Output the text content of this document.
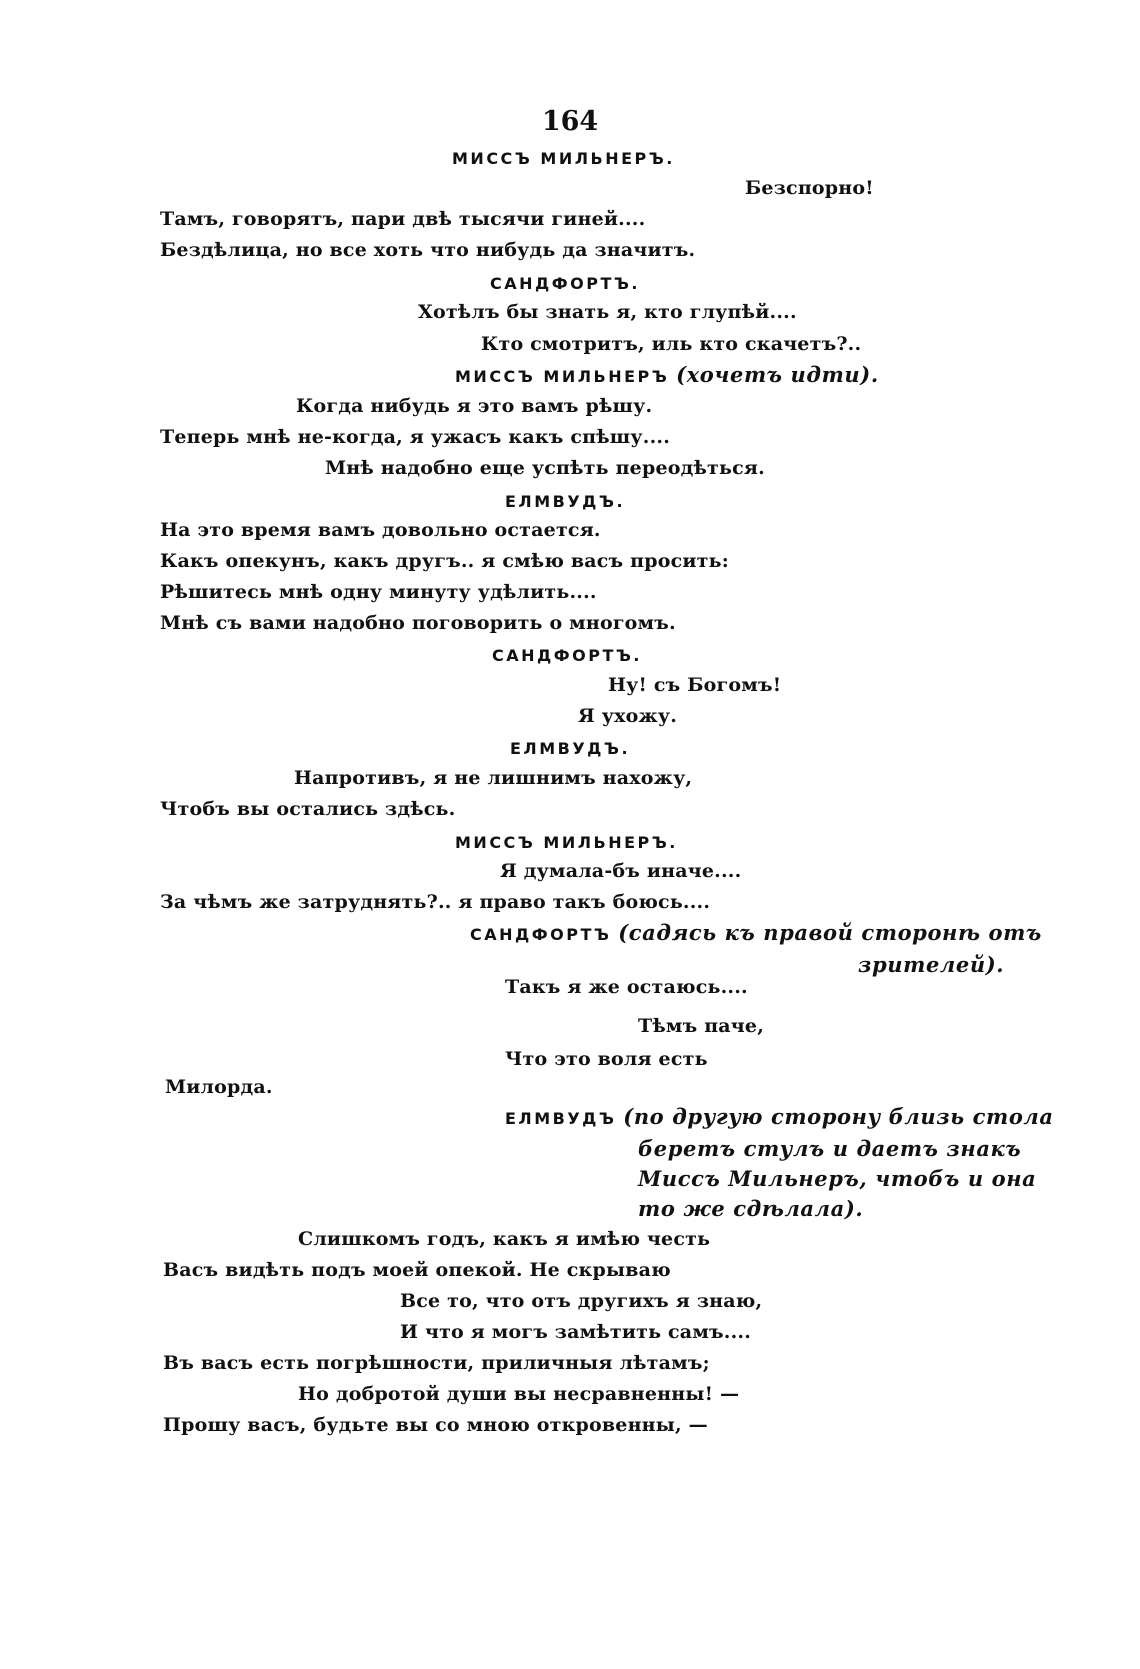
164
МИССЪ МИЛЬНЕРЪ.
Безспорно!
Тамъ, говорятъ, пари двѣ тысячи гиней....
Бездѣлица, но все хоть что нибудь да значитъ.
САНДФОРТЪ.
Хотѣлъ бы знать я, кто глупѣй....
Кто смотритъ, иль кто скачетъ?..
МИССЪ МИЛЬНЕРЪ (хочетъ идти).
Когда нибудь я это вамъ рѣшу.
Теперь мнѣ не-когда, я ужасъ какъ спѣшу....
Мнѣ надобно еще успѣть переодѣться.
ЕЛМВУДЪ.
На это время вамъ довольно остается.
Какъ опекунъ, какъ другъ.. я смѣю васъ просить:
Рѣшитесь мнѣ одну минуту удѣлить....
Мнѣ съ вами надобно поговорить о многомъ.
САНДФОРТЪ.
Ну! съ Богомъ!
Я ухожу.
ЕЛМВУДЪ.
Напротивъ, я не лишнимъ нахожу,
Чтобъ вы остались здѣсь.
МИССЪ МИЛЬНЕРЪ.
Я думала-бъ иначе....
За чѣмъ же затруднять?.. я право такъ боюсь....
САНДФОРТЪ (садясь къ правой сторонѣ отъ
зрителей).
Такъ я же остаюсь....
Тѣмъ паче,
Что это воля есть
Милорда.
ЕЛМВУДЪ (по другую сторону близь стола
беретъ стулъ и даетъ знакъ
Миссъ Мильнеръ, чтобъ и она
то же сдѣлала).
Слишкомъ годъ, какъ я имѣю честь
Васъ видѣть подъ моей опекой. Не скрываю
Все то, что отъ другихъ я знаю,
И что я могъ замѣтить самъ....
Въ васъ есть погрѣшности, приличныя лѣтамъ;
Но добротой души вы несравненны! —
Прошу васъ, будьте вы со мною откровенны, —
